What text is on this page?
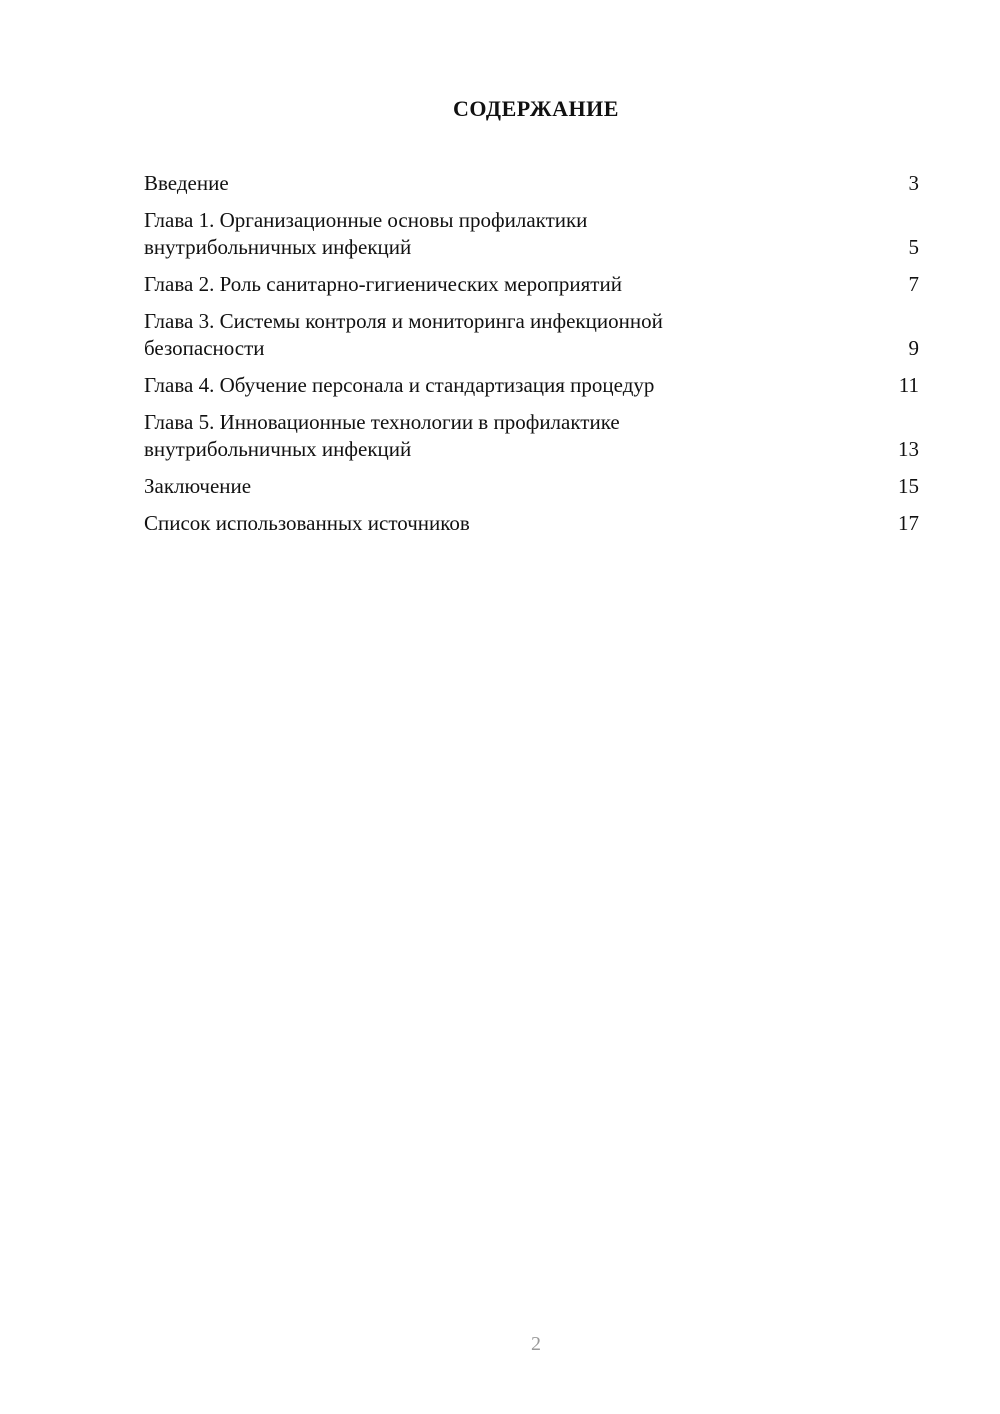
СОДЕРЖАНИЕ
Введение	3
Глава 1. Организационные основы профилактики
внутрибольничных инфекций	5
Глава 2. Роль санитарно-гигиенических мероприятий	7
Глава 3. Системы контроля и мониторинга инфекционной
безопасности	9
Глава 4. Обучение персонала и стандартизация процедур	11
Глава 5. Инновационные технологии в профилактике
внутрибольничных инфекций	13
Заключение	15
Список использованных источников	17
2
